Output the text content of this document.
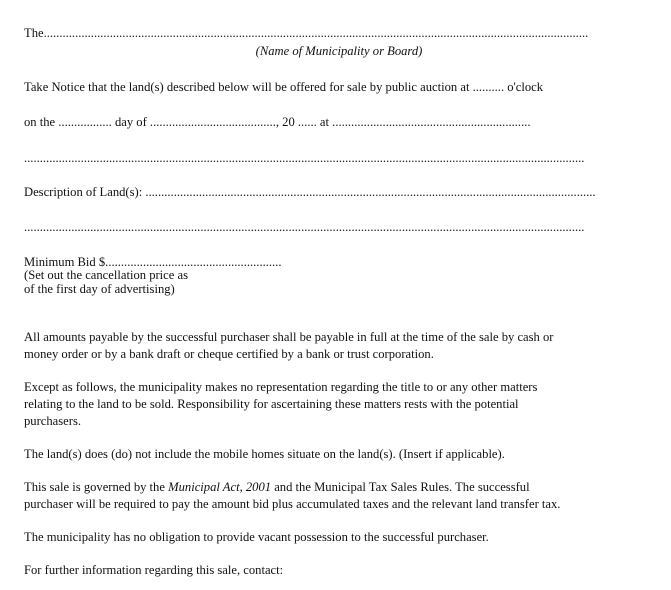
The.............................................................................................................................................................................
(Name of Municipality or Board)
Take Notice that the land(s) described below will be offered for sale by public auction at .......... o'clock
on the ................. day of ........................................, 20 ...... at ...............................................................
..................................................................................................................................................................................
Description of Land(s): ...............................................................................................................................................
..................................................................................................................................................................................
Minimum Bid $........................................................
(Set out the cancellation price as
of the first day of advertising)
All amounts payable by the successful purchaser shall be payable in full at the time of the sale by cash or
money order or by a bank draft or cheque certified by a bank or trust corporation.
Except as follows, the municipality makes no representation regarding the title to or any other matters
relating to the land to be sold. Responsibility for ascertaining these matters rests with the potential
purchasers.
The land(s) does (do) not include the mobile homes situate on the land(s). (Insert if applicable).
This sale is governed by the Municipal Act, 2001 and the Municipal Tax Sales Rules. The successful
purchaser will be required to pay the amount bid plus accumulated taxes and the relevant land transfer tax.
The municipality has no obligation to provide vacant possession to the successful purchaser.
For further information regarding this sale, contact:
